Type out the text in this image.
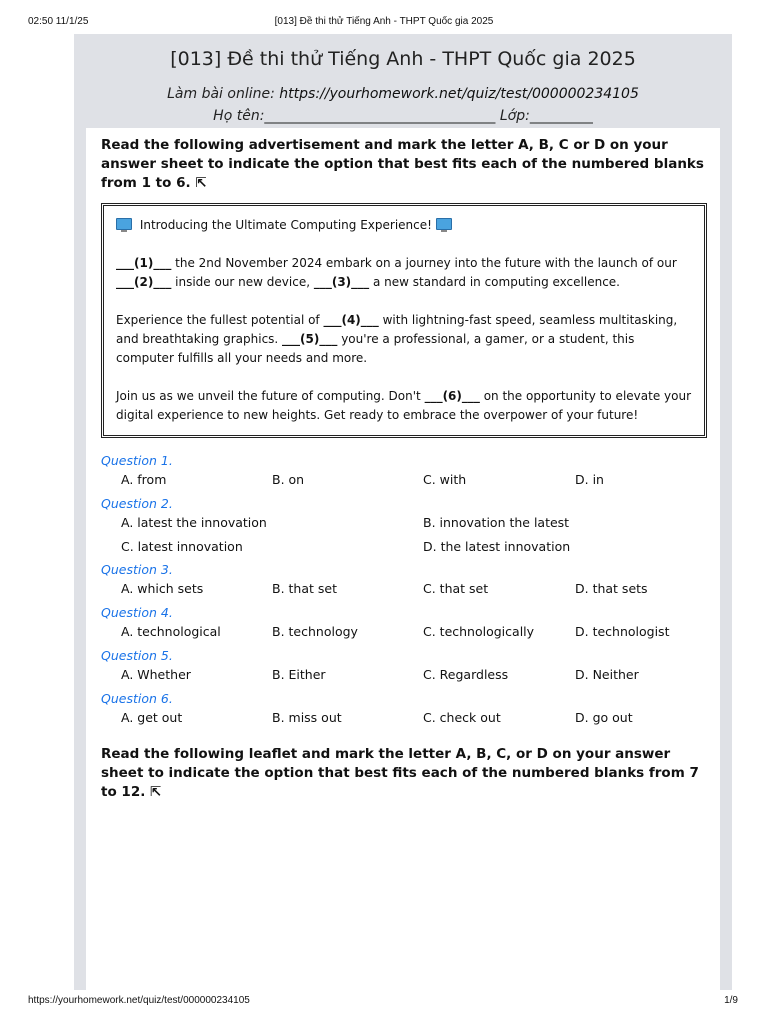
02:50 11/1/25	[013] Đề thi thử Tiếng Anh - THPT Quốc gia 2025
[013] Đề thi thử Tiếng Anh - THPT Quốc gia 2025
Làm bài online: https://yourhomework.net/quiz/test/000000234105
Họ tên:_________________________________ Lớp:_________
Read the following advertisement and mark the letter A, B, C or D on your answer sheet to indicate the option that best fits each of the numbered blanks from 1 to 6. ⇱

Introducing the Ultimate Computing Experience!

___(1)___ the 2nd November 2024 embark on a journey into the future with the launch of our ___(2)___ inside our new device, ___(3)___ a new standard in computing excellence.

Experience the fullest potential of ___(4)___ with lightning-fast speed, seamless multitasking, and breathtaking graphics. ___(5)___ you're a professional, a gamer, or a student, this computer fulfills all your needs and more.

Join us as we unveil the future of computing. Don't ___(6)___ on the opportunity to elevate your digital experience to new heights. Get ready to embrace the overpower of your future!

Question 1.
A. from	B. on	C. with	D. in
Question 2.
A. latest the innovation	B. innovation the latest
C. latest innovation	D. the latest innovation
Question 3.
A. which sets	B. that set	C. that set	D. that sets
Question 4.
A. technological	B. technology	C. technologically	D. technologist
Question 5.
A. Whether	B. Either	C. Regardless	D. Neither
Question 6.
A. get out	B. miss out	C. check out	D. go out
Read the following leaflet and mark the letter A, B, C, or D on your answer sheet to indicate the option that best fits each of the numbered blanks from 7 to 12. ⇱
https://yourhomework.net/quiz/test/000000234105	1/9
